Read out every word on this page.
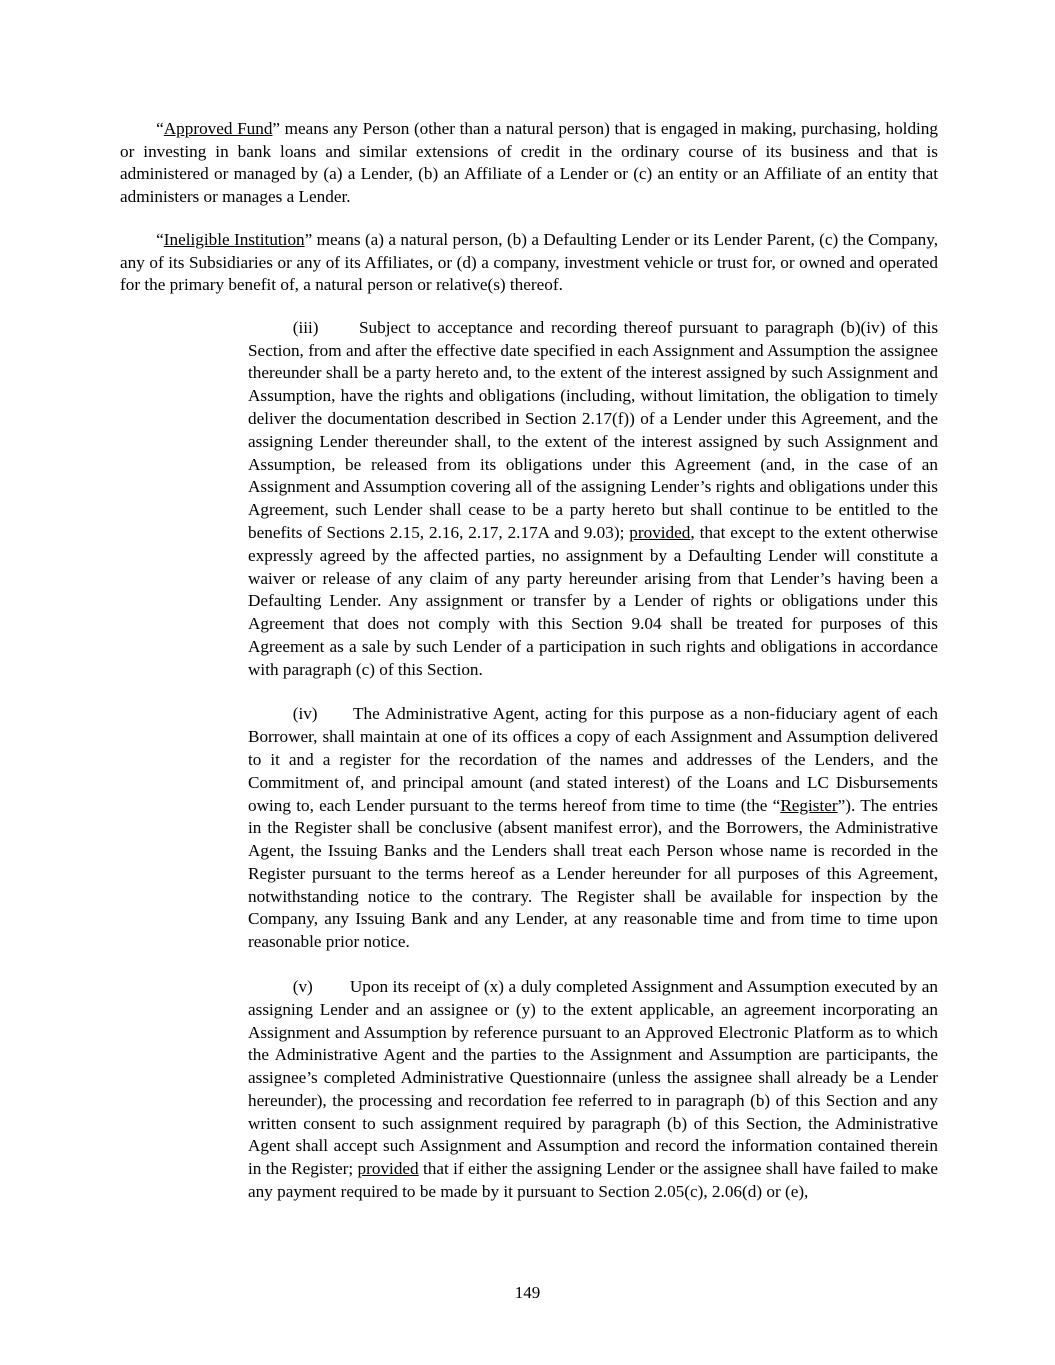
“Approved Fund” means any Person (other than a natural person) that is engaged in making, purchasing, holding or investing in bank loans and similar extensions of credit in the ordinary course of its business and that is administered or managed by (a) a Lender, (b) an Affiliate of a Lender or (c) an entity or an Affiliate of an entity that administers or manages a Lender.

“Ineligible Institution” means (a) a natural person, (b) a Defaulting Lender or its Lender Parent, (c) the Company, any of its Subsidiaries or any of its Affiliates, or (d) a company, investment vehicle or trust for, or owned and operated for the primary benefit of, a natural person or relative(s) thereof.

(iii) Subject to acceptance and recording thereof pursuant to paragraph (b)(iv) of this Section, from and after the effective date specified in each Assignment and Assumption the assignee thereunder shall be a party hereto and, to the extent of the interest assigned by such Assignment and Assumption, have the rights and obligations (including, without limitation, the obligation to timely deliver the documentation described in Section 2.17(f)) of a Lender under this Agreement, and the assigning Lender thereunder shall, to the extent of the interest assigned by such Assignment and Assumption, be released from its obligations under this Agreement (and, in the case of an Assignment and Assumption covering all of the assigning Lender’s rights and obligations under this Agreement, such Lender shall cease to be a party hereto but shall continue to be entitled to the benefits of Sections 2.15, 2.16, 2.17, 2.17A and 9.03); provided, that except to the extent otherwise expressly agreed by the affected parties, no assignment by a Defaulting Lender will constitute a waiver or release of any claim of any party hereunder arising from that Lender’s having been a Defaulting Lender. Any assignment or transfer by a Lender of rights or obligations under this Agreement that does not comply with this Section 9.04 shall be treated for purposes of this Agreement as a sale by such Lender of a participation in such rights and obligations in accordance with paragraph (c) of this Section.

(iv) The Administrative Agent, acting for this purpose as a non-fiduciary agent of each Borrower, shall maintain at one of its offices a copy of each Assignment and Assumption delivered to it and a register for the recordation of the names and addresses of the Lenders, and the Commitment of, and principal amount (and stated interest) of the Loans and LC Disbursements owing to, each Lender pursuant to the terms hereof from time to time (the “Register”). The entries in the Register shall be conclusive (absent manifest error), and the Borrowers, the Administrative Agent, the Issuing Banks and the Lenders shall treat each Person whose name is recorded in the Register pursuant to the terms hereof as a Lender hereunder for all purposes of this Agreement, notwithstanding notice to the contrary. The Register shall be available for inspection by the Company, any Issuing Bank and any Lender, at any reasonable time and from time to time upon reasonable prior notice.

(v) Upon its receipt of (x) a duly completed Assignment and Assumption executed by an assigning Lender and an assignee or (y) to the extent applicable, an agreement incorporating an Assignment and Assumption by reference pursuant to an Approved Electronic Platform as to which the Administrative Agent and the parties to the Assignment and Assumption are participants, the assignee’s completed Administrative Questionnaire (unless the assignee shall already be a Lender hereunder), the processing and recordation fee referred to in paragraph (b) of this Section and any written consent to such assignment required by paragraph (b) of this Section, the Administrative Agent shall accept such Assignment and Assumption and record the information contained therein in the Register; provided that if either the assigning Lender or the assignee shall have failed to make any payment required to be made by it pursuant to Section 2.05(c), 2.06(d) or (e),

149
